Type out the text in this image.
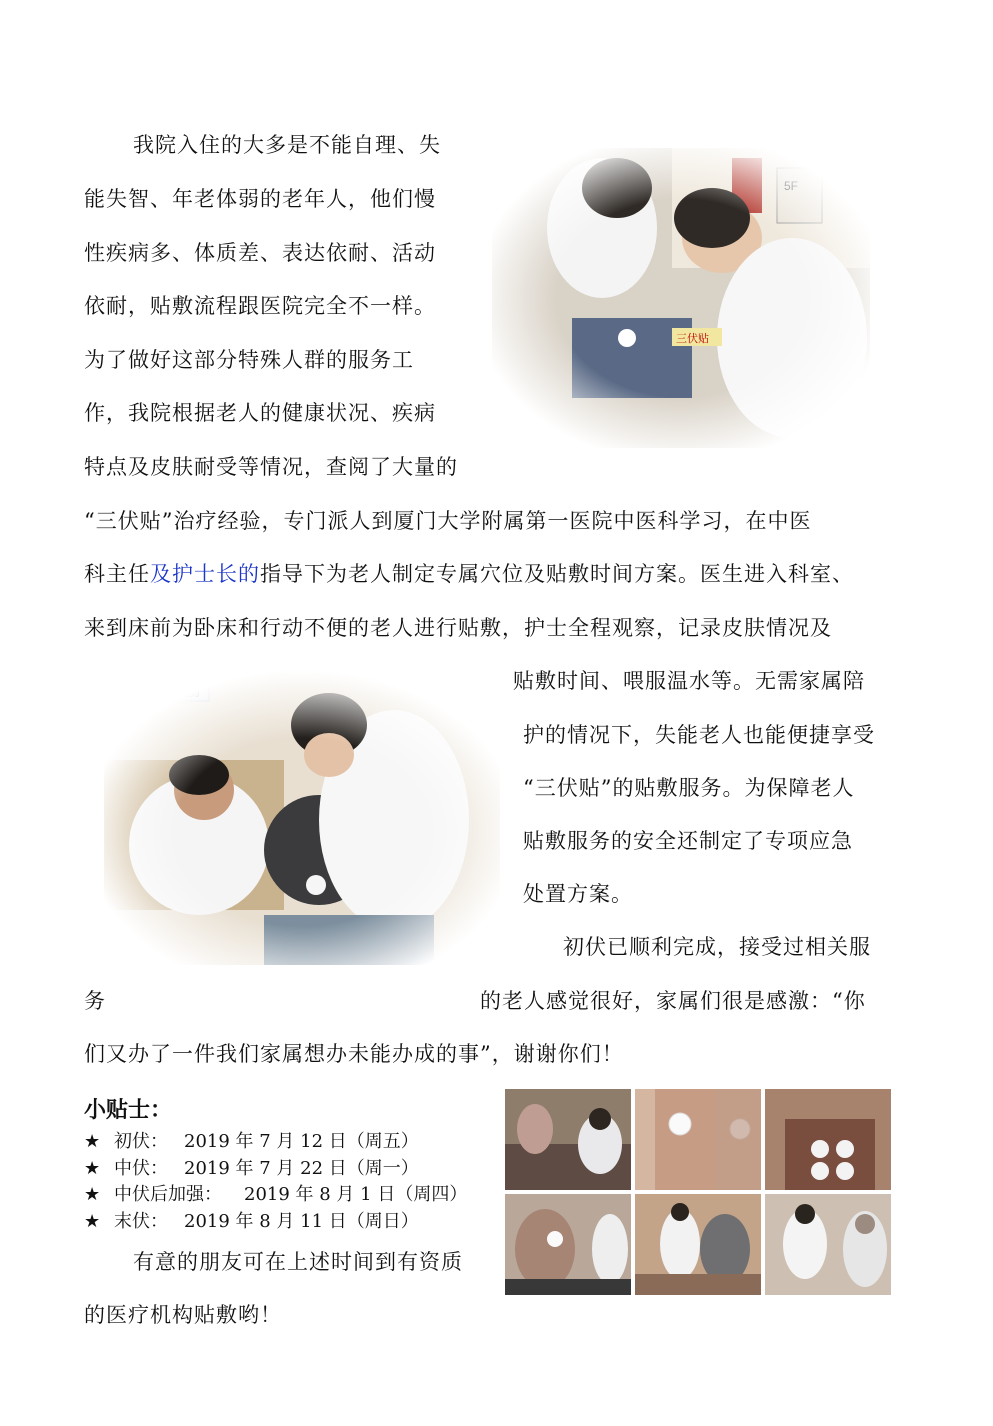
我院入住的大多是不能自理、失
能失智、年老体弱的老年人，他们慢
性疾病多、体质差、表达依耐、活动
依耐，贴敷流程跟医院完全不一样。
为了做好这部分特殊人群的服务工
作，我院根据老人的健康状况、疾病
特点及皮肤耐受等情况，查阅了大量的
“三伏贴”治疗经验，专门派人到厦门大学附属第一医院中医科学习，在中医
科主任及护士长的指导下为老人制定专属穴位及贴敷时间方案。医生进入科室、
来到床前为卧床和行动不便的老人进行贴敷，护士全程观察，记录皮肤情况及
贴敷时间、喂服温水等。无需家属陪
护的情况下，失能老人也能便捷享受
“三伏贴”的贴敷服务。为保障老人
贴敷服务的安全还制定了专项应急
处置方案。
初伏已顺利完成，接受过相关服
务	的老人感觉很好，家属们很是感激：“你
们又办了一件我们家属想办未能办成的事”，谢谢你们！
小贴士：
★ 初伏： 2019 年 7 月 12 日（周五）
★ 中伏： 2019 年 7 月 22 日（周一）
★ 中伏后加强： 2019 年 8 月 1 日（周四）
★ 末伏： 2019 年 8 月 11 日（周日）
有意的朋友可在上述时间到有资质
的医疗机构贴敷哟！
